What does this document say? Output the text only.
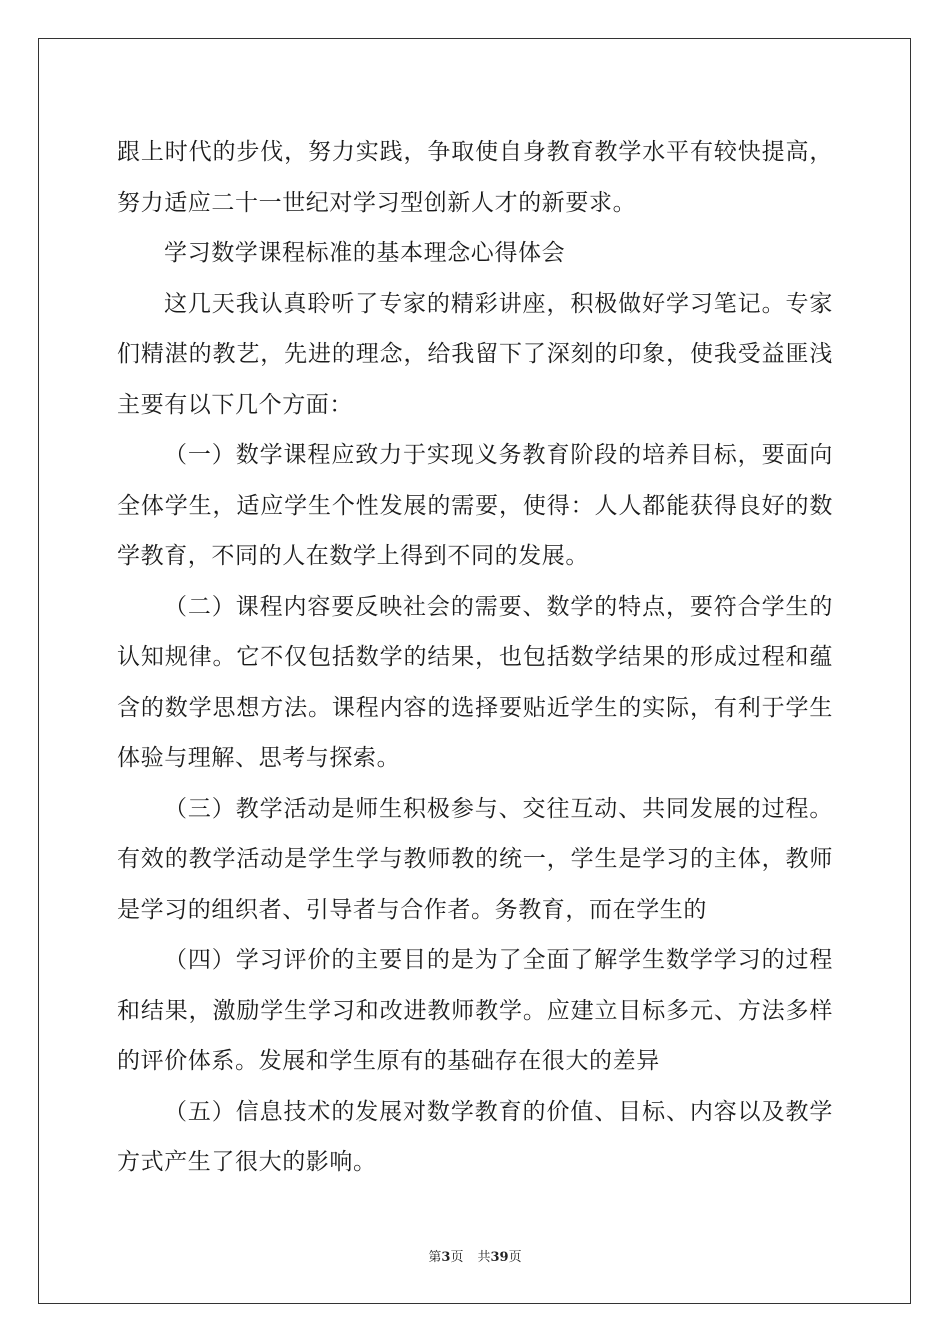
跟上时代的步伐，努力实践，争取使自身教育教学水平有较快提高，
努力适应二十一世纪对学习型创新人才的新要求。
学习数学课程标准的基本理念心得体会
这几天我认真聆听了专家的精彩讲座，积极做好学习笔记。专家
们精湛的教艺，先进的理念，给我留下了深刻的印象，使我受益匪浅
主要有以下几个方面：
（一）数学课程应致力于实现义务教育阶段的培养目标，要面向
全体学生，适应学生个性发展的需要，使得：人人都能获得良好的数
学教育，不同的人在数学上得到不同的发展。
（二）课程内容要反映社会的需要、数学的特点，要符合学生的
认知规律。它不仅包括数学的结果，也包括数学结果的形成过程和蕴
含的数学思想方法。课程内容的选择要贴近学生的实际，有利于学生
体验与理解、思考与探索。
（三）教学活动是师生积极参与、交往互动、共同发展的过程。
有效的教学活动是学生学与教师教的统一，学生是学习的主体，教师
是学习的组织者、引导者与合作者。务教育，而在学生的
（四）学习评价的主要目的是为了全面了解学生数学学习的过程
和结果，激励学生学习和改进教师教学。应建立目标多元、方法多样
的评价体系。发展和学生原有的基础存在很大的差异
（五）信息技术的发展对数学教育的价值、目标、内容以及教学
方式产生了很大的影响。
第3页 共39页
